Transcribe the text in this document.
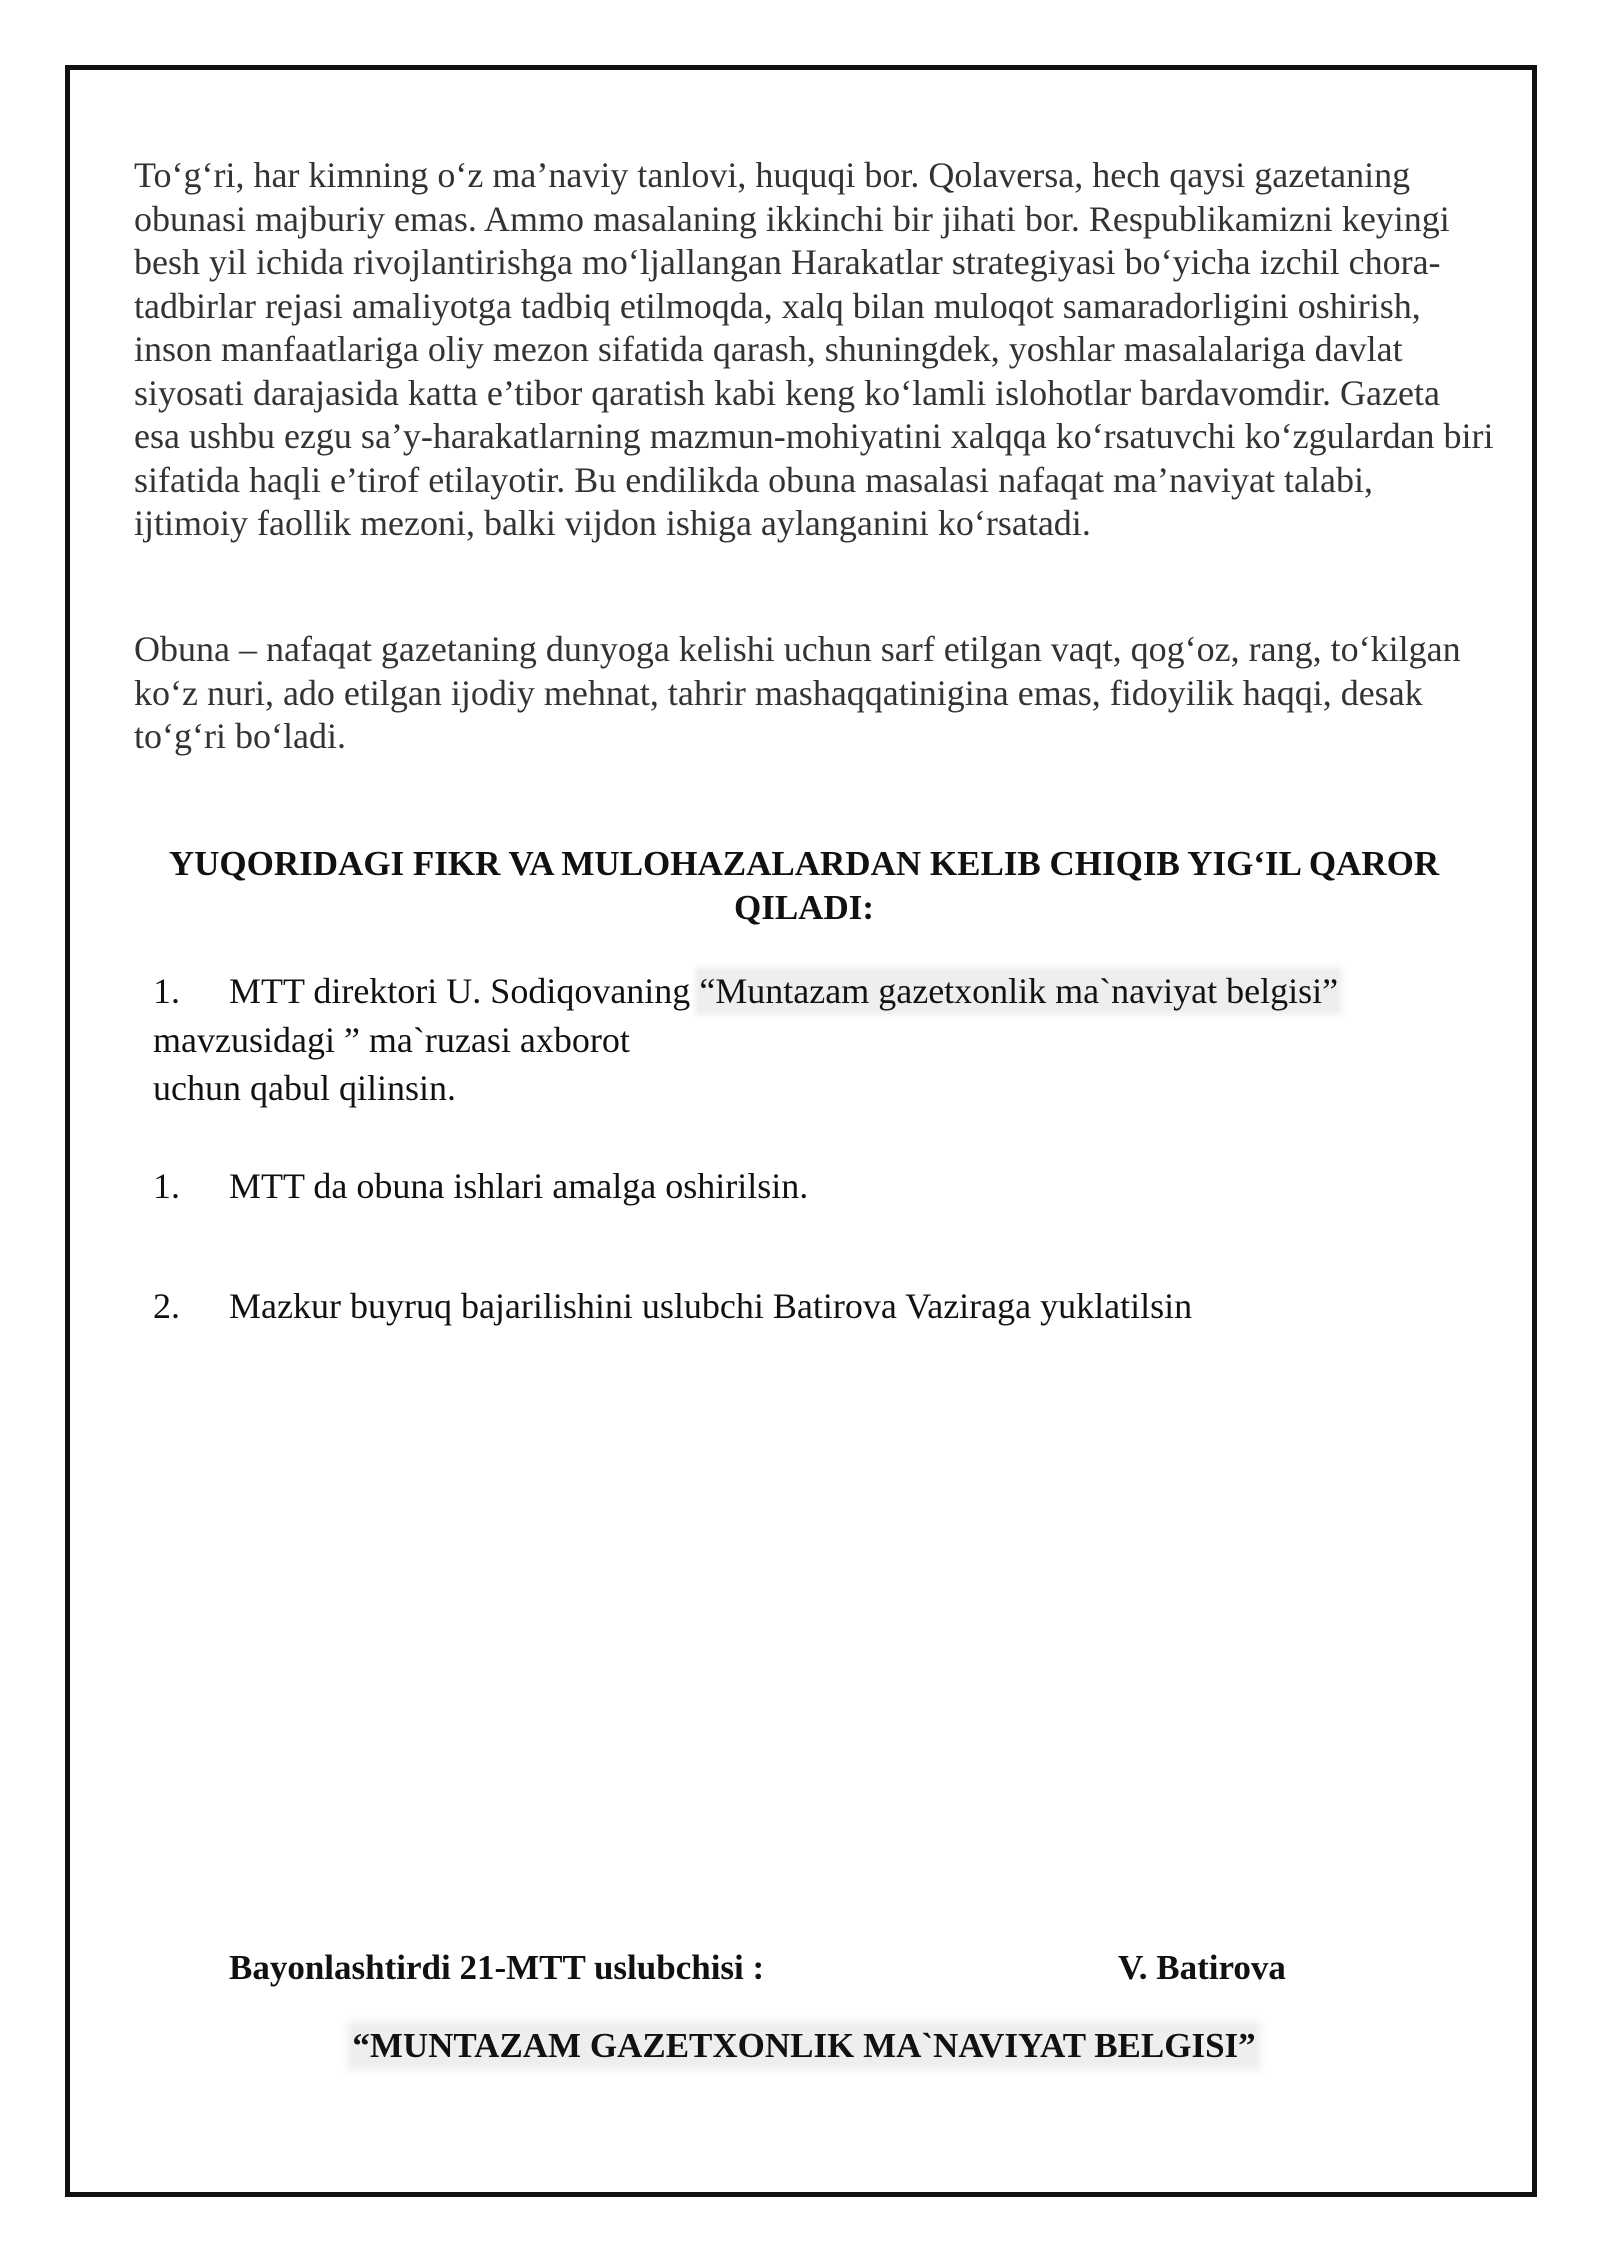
To‘g‘ri, har kimning o‘z ma’naviy tanlovi, huquqi bor. Qolaversa, hech qaysi gazetaning obunasi majburiy emas. Ammo masalaning ikkinchi bir jihati bor. Respublikamizni keyingi besh yil ichida rivojlantirishga mo‘ljallangan Harakatlar strategiyasi bo‘yicha izchil chora-tadbirlar rejasi amaliyotga tadbiq etilmoqda, xalq bilan muloqot samaradorligini oshirish, inson manfaatlariga oliy mezon sifatida qarash, shuningdek, yoshlar masalalariga davlat siyosati darajasida katta e’tibor qaratish kabi keng ko‘lamli islohotlar bardavomdir. Gazeta esa ushbu ezgu sa’y-harakatlarning mazmun-mohiyatini xalqqa ko‘rsatuvchi ko‘zgulardan biri sifatida haqli e’tirof etilayotir. Bu endilikda obuna masalasi nafaqat ma’naviyat talabi, ijtimoiy faollik mezoni, balki vijdon ishiga aylanganini ko‘rsatadi.

Obuna – nafaqat gazetaning dunyoga kelishi uchun sarf etilgan vaqt, qog‘oz, rang, to‘kilgan ko‘z nuri, ado etilgan ijodiy mehnat, tahrir mashaqqatinigina emas, fidoyilik haqqi, desak to‘g‘ri bo‘ladi.

YUQORIDAGI FIKR VA MULOHAZALARDAN KELIB CHIQIB YIG‘IL QAROR QILADI:

1. MTT direktori U. Sodiqovaning “Muntazam gazetxonlik ma`naviyat belgisi”

mavzusidagi ” ma`ruzasi axborot

uchun qabul qilinsin.

1. MTT da obuna ishlari amalga oshirilsin.

2. Mazkur buyruq bajarilishini uslubchi Batirova Vaziraga yuklatilsin

Bayonlashtirdi 21-MTT uslubchisi :	V. Batirova

“MUNTAZAM GAZETXONLIK MA`NAVIYAT BELGISI”
